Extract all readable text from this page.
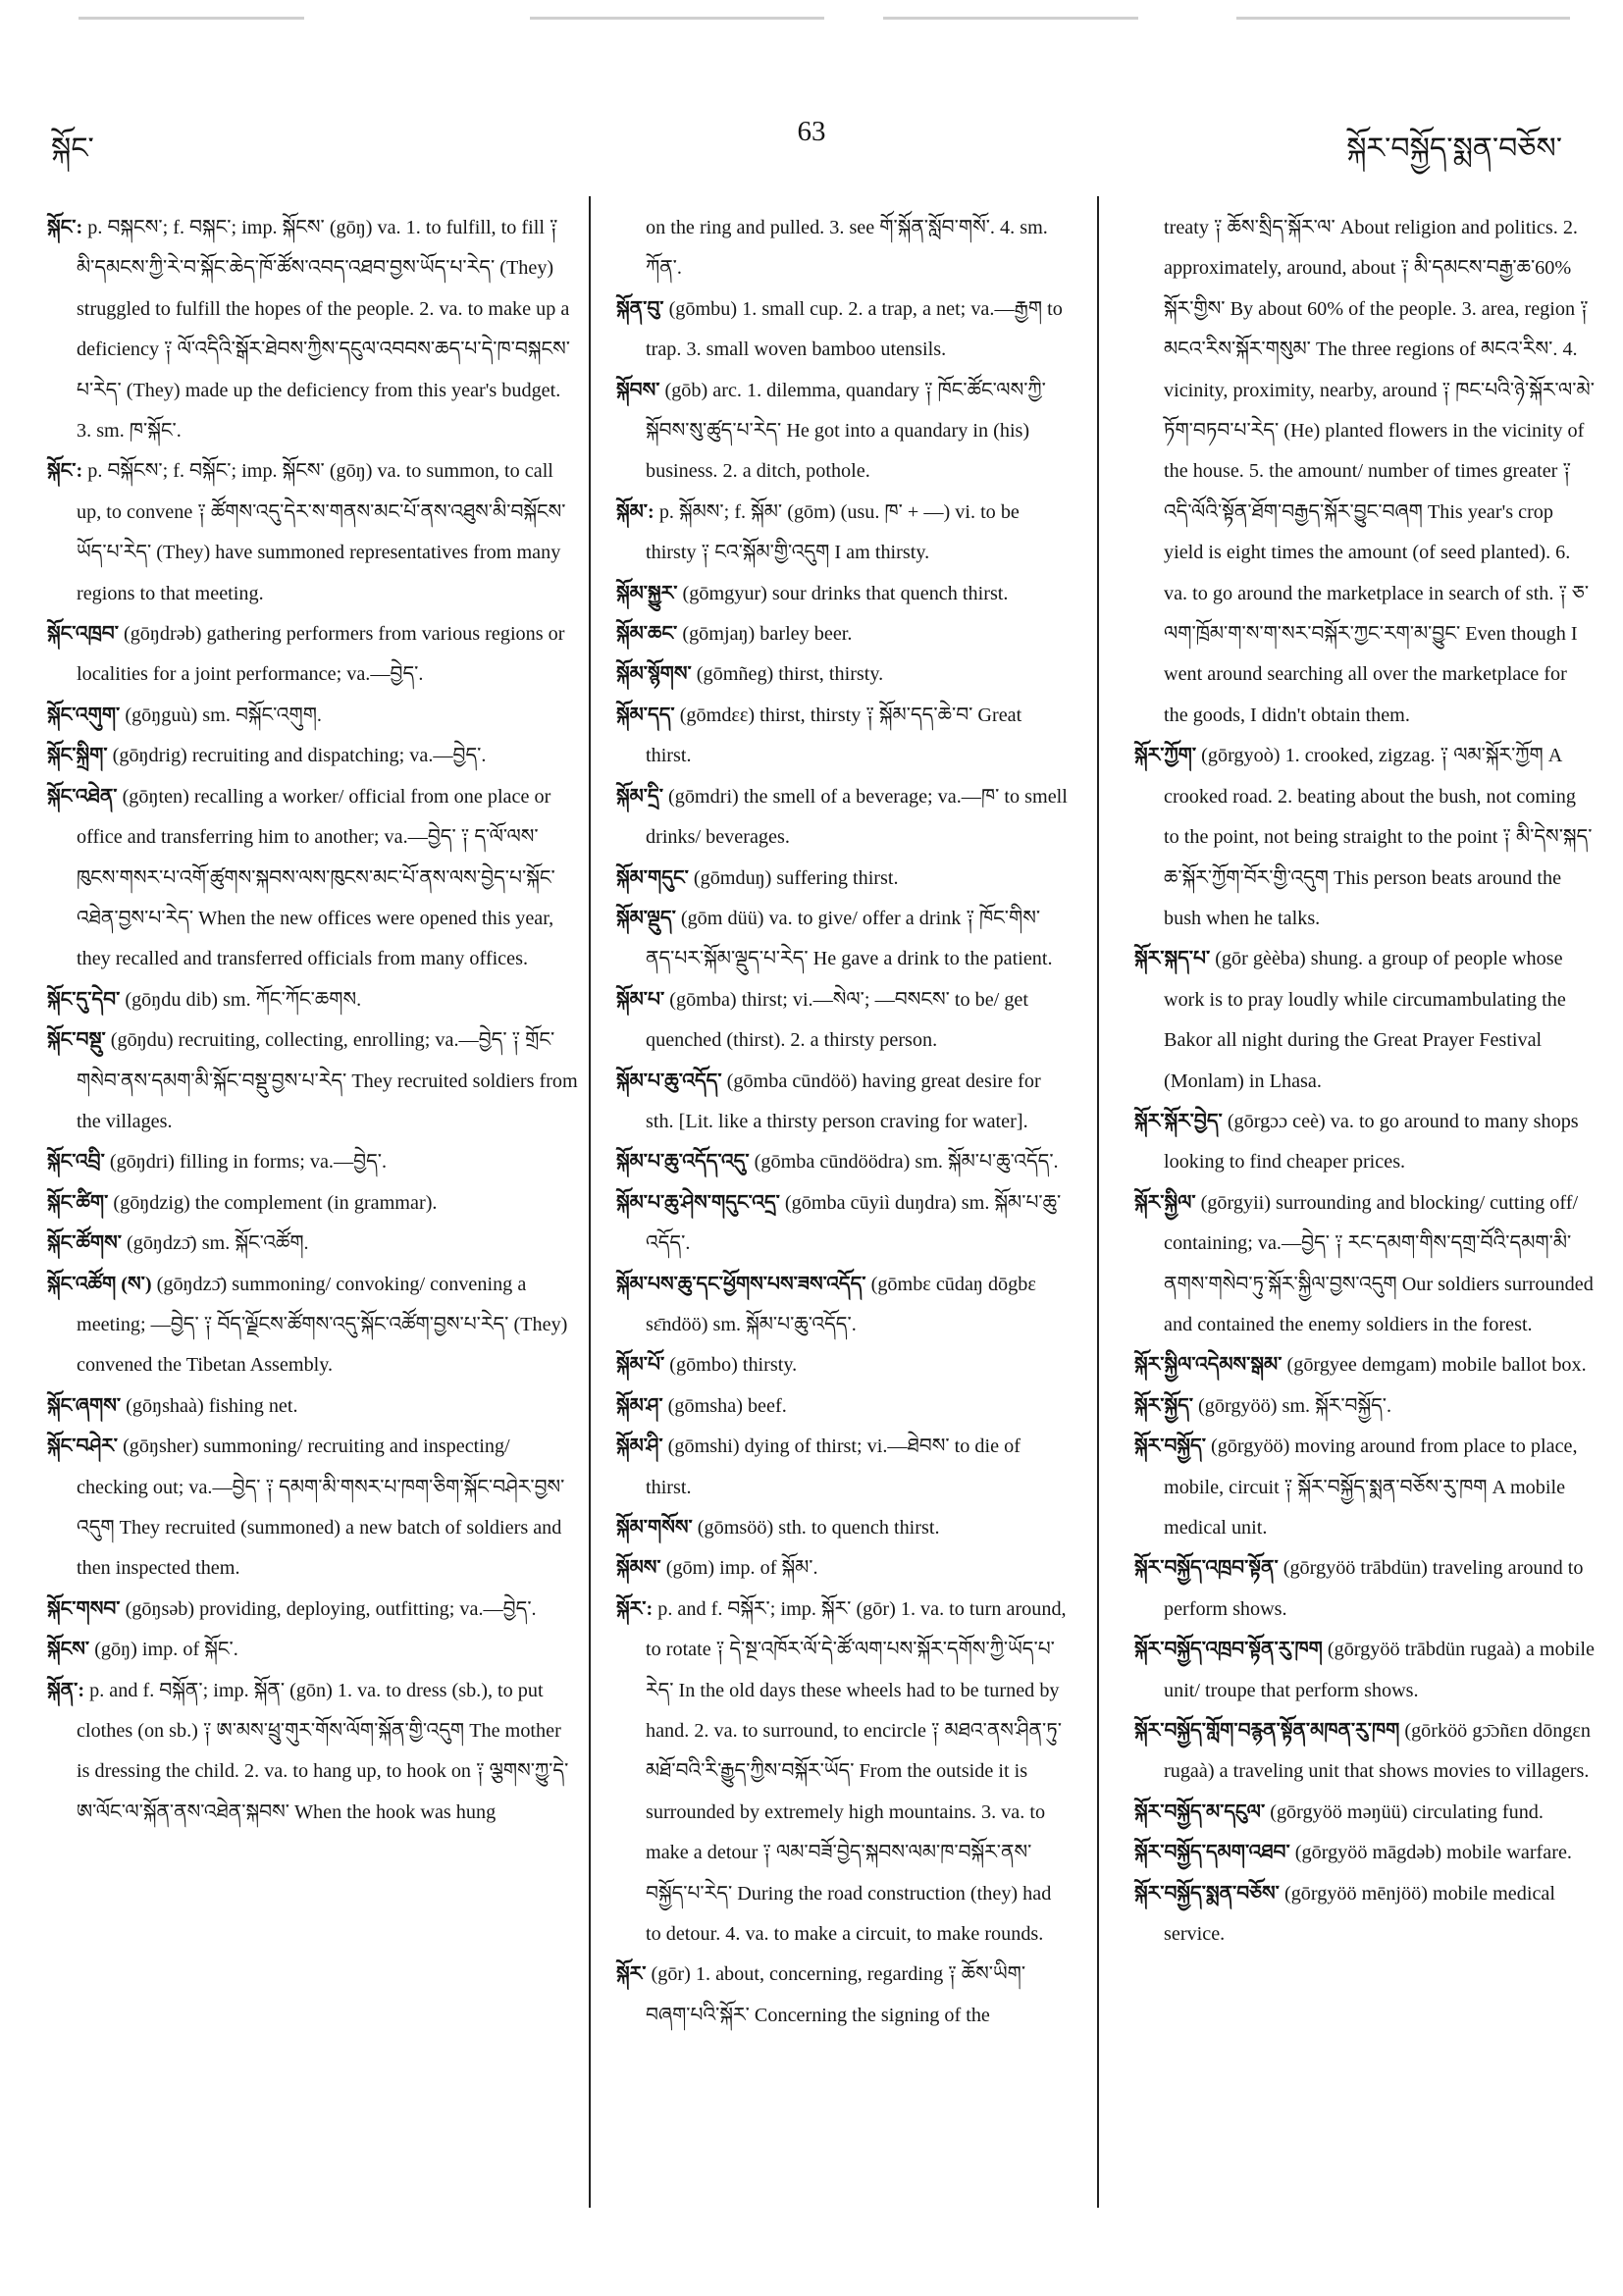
སྐོང་
63
སྐོར་བསྐྱོད་སྨན་བཅོས་

སྐོང་: p. བསྐངས་; f. བསྐང་; imp. སྐོངས་ (gōŋ) va. 1. to fulfill, to fill ༑ མི་དམངས་ཀྱི་རེ་བ་སྐོང་ཆེད་ཁོ་ཚོས་འབད་འཐབ་བྱས་ཡོད་པ་རེད་ (They) struggled to fulfill the hopes of the people. 2. va. to make up a deficiency ༑ ལོ་འདིའི་སྒོར་ཐེབས་ཀྱིས་དངུལ་འབབས་ཆད་པ་དེ་ཁ་བསྐངས་པ་རེད་ (They) made up the deficiency from this year's budget. 3. sm. ཁ་སྐོང་.

སྐོང་: p. བསྐོངས་; f. བསྐོང་; imp. སྐོངས་ (gōŋ) va. to summon, to call up, to convene ༑ ཚོགས་འདུ་དེར་ས་གནས་མང་པོ་ནས་འཐུས་མི་བསྐོངས་ཡོད་པ་རེད་ (They) have summoned representatives from many regions to that meeting.

སྐོང་འཁྲབ་ (gōŋdrəb) gathering performers from various regions or localities for a joint performance; va.—བྱེད་.

སྐོང་འགུག་ (gōŋguù) sm. བསྐོང་འགུག.

སྐོང་སྐྲིག་ (gōŋdrig) recruiting and dispatching; va.—བྱེད་.

སྐོང་འཐེན་ (gōŋten) recalling a worker/ official from one place or office and transferring him to another; va.—བྱེད་ ༑ ད་ལོ་ལས་ཁུངས་གསར་པ་འགོ་ཚུགས་སྐབས་ལས་ཁུངས་མང་པོ་ནས་ལས་བྱེད་པ་སྐོང་འཐེན་བྱས་པ་རེད་ When the new offices were opened this year, they recalled and transferred officials from many offices.

སྐོང་དུ་དེབ་ (gōŋdu dib) sm. ཀོང་ཀོང་ཆགས.

སྐོང་བསྡུ་ (gōŋdu) recruiting, collecting, enrolling; va.—བྱེད་ ༑ གྲོང་གསེབ་ནས་དམག་མི་སྐོང་བསྡུ་བྱས་པ་རེད་ They recruited soldiers from the villages.

སྐོང་འབྲི་ (gōŋdri) filling in forms; va.—བྱེད་.

སྐོང་ཚིག་ (gōŋdzig) the complement (in grammar).

སྐོང་ཚོགས་ (gōŋdzɔ̄) sm. སྐོང་འཚོག.

སྐོང་འཚོག (ས་) (gōŋdzɔ̄) summoning/ convoking/ convening a meeting; —བྱེད་ ༑ བོད་ལྗོངས་ཚོགས་འདུ་སྐོང་འཚོག་བྱས་པ་རེད་ (They) convened the Tibetan Assembly.

སྐོང་ཞགས་ (gōŋshaà) fishing net.

སྐོང་བཤེར་ (gōŋsher) summoning/ recruiting and inspecting/ checking out; va.—བྱེད་ ༑ དམག་མི་གསར་པ་ཁག་ཅིག་སྐོང་བཤེར་བྱས་འདུག They recruited (summoned) a new batch of soldiers and then inspected them.

སྐོང་གསབ་ (gōŋsəb) providing, deploying, outfitting; va.—བྱེད་.

སྐོངས་ (gōŋ) imp. of སྐོང་.

སྐོན་: p. and f. བསྐོན་; imp. སྐོན་ (gōn) 1. va. to dress (sb.), to put clothes (on sb.) ༑ ཨ་མས་ཕྲུ་གུར་གོས་ལོག་སྐོན་གྱི་འདུག The mother is dressing the child. 2. va. to hang up, to hook on ༑ ལྕགས་ཀྱུ་དེ་ཨ་ལོང་ལ་སྐོན་ནས་འཐེན་སྐབས་ When the hook was hung

on the ring and pulled. 3. see གོ་སྐོན་སློབ་གསོ་. 4. sm. ཀོན་.

སྐོན་བུ་ (gōmbu) 1. small cup. 2. a trap, a net; va.—རྒྱག to trap. 3. small woven bamboo utensils.

སྐོབས་ (gōb) arc. 1. dilemma, quandary ༑ ཁོང་ཚོང་ལས་ཀྱི་སྐོབས་སུ་ཚུད་པ་རེད་ He got into a quandary in (his) business. 2. a ditch, pothole.

སྐོམ་: p. སྐོམས་; f. སྐོམ་ (gōm) (usu. ཁ་ + —) vi. to be thirsty ༑ ངའ་སྐོམ་གྱི་འདུག I am thirsty.

སྐོམ་སྐྱུར་ (gōmgyur) sour drinks that quench thirst.

སྐོམ་ཆང་ (gōmjaŋ) barley beer.

སྐོམ་སྙོགས་ (gōmñeg) thirst, thirsty.

སྐོམ་དད་ (gōmdɛɛ) thirst, thirsty ༑ སྐོམ་དད་ཆེ་བ་ Great thirst.

སྐོམ་དྲི་ (gōmdri) the smell of a beverage; va.—ཁ་ to smell drinks/ beverages.

སྐོམ་གདུང་ (gōmduŋ) suffering thirst.

སྐོམ་ལྡུད་ (gōm düü) va. to give/ offer a drink ༑ ཁོང་གིས་ནད་པར་སྐོམ་ལྡུད་པ་རེད་ He gave a drink to the patient.

སྐོམ་པ་ (gōmba) thirst; vi.—སེལ་; —བསངས་ to be/ get quenched (thirst). 2. a thirsty person.

སྐོམ་པ་ཆུ་འདོད་ (gōmba cūndöö) having great desire for sth. [Lit. like a thirsty person craving for water].

སྐོམ་པ་ཆུ་འདོད་འདུ་ (gōmba cūndöödra) sm. སྐོམ་པ་ཆུ་འདོད་.

སྐོམ་པ་ཆུ་ཤེས་གདུང་འདྲ་ (gōmba cūyiì duŋdra) sm. སྐོམ་པ་ཆུ་འདོད་.

སྐོམ་པས་ཆུ་དང་ཕྱོགས་པས་ཟས་འདོད་ (gōmbɛ cūdaŋ dōgbɛ sɛ̄ndöö) sm. སྐོམ་པ་ཆུ་འདོད་.

སྐོམ་པོ་ (gōmbo) thirsty.

སྐོམ་ཤ་ (gōmsha) beef.

སྐོམ་ཤི་ (gōmshi) dying of thirst; vi.—ཐེབས་ to die of thirst.

སྐོམ་གསོས་ (gōmsöö) sth. to quench thirst.

སྐོམས་ (gōm) imp. of སྐོམ་.

སྐོར་: p. and f. བསྐོར་; imp. སྐོར་ (gōr) 1. va. to turn around, to rotate ༑ དེ་སྔ་འཁོར་ལོ་དེ་ཚོ་ལག་པས་སྐོར་དགོས་ཀྱི་ཡོད་པ་རེད་ In the old days these wheels had to be turned by hand. 2. va. to surround, to encircle ༑ མཐའ་ནས་ཤིན་ཏུ་མཐོ་བའི་རི་རྒྱུད་ཀྱིས་བསྐོར་ཡོད་ From the outside it is surrounded by extremely high mountains. 3. va. to make a detour ༑ ལམ་བཟོ་བྱེད་སྐབས་ལམ་ཁ་བསྐོར་ནས་བསྐྱོད་པ་རེད་ During the road construction (they) had to detour. 4. va. to make a circuit, to make rounds.

སྐོར་ (gōr) 1. about, concerning, regarding ༑ ཆོས་ཡིག་བཞག་པའི་སྐོར་ Concerning the signing of the

treaty ༑ ཆོས་སྲིད་སྐོར་ལ་ About religion and politics. 2. approximately, around, about ༑ མི་དམངས་བརྒྱ་ཆ་60% སྐོར་གྱིས་ By about 60% of the people. 3. area, region ༑ མངའ་རིས་སྐོར་གསུམ་ The three regions of མངའ་རིས་. 4. vicinity, proximity, nearby, around ༑ ཁང་པའི་ཉེ་སྐོར་ལ་མེ་ཏོག་བཏབ་པ་རེད་ (He) planted flowers in the vicinity of the house. 5. the amount/ number of times greater ༑ འདི་ལོའི་སྟོན་ཐོག་བརྒྱད་སྐོར་བྱུང་བཞག This year's crop yield is eight times the amount (of seed planted). 6. va. to go around the marketplace in search of sth. ༑ ཅ་ལག་ཁྲོམ་ག་ས་ག་སར་བསྐོར་ཀྱང་རག་མ་བྱུང་ Even though I went around searching all over the marketplace for the goods, I didn't obtain them.

སྐོར་ཀྱོག་ (gōrgyoò) 1. crooked, zigzag. ༑ ལམ་སྐོར་ཀྱོག A crooked road. 2. beating about the bush, not coming to the point, not being straight to the point ༑ མི་དེས་སྐད་ཆ་སྐོར་ཀྱོག་བོར་གྱི་འདུག This person beats around the bush when he talks.

སྐོར་སྐད་པ་ (gōr gèèba) shung. a group of people whose work is to pray loudly while circumambulating the Bakor all night during the Great Prayer Festival (Monlam) in Lhasa.

སྐོར་སྐོར་བྱེད་ (gōrgɔɔ ceè) va. to go around to many shops looking to find cheaper prices.

སྐོར་སྐྱིལ་ (gōrgyii) surrounding and blocking/ cutting off/ containing; va.—བྱེད་ ༑ རང་དམག་གིས་དགྲ་བོའི་དམག་མི་ནགས་གསེབ་ཏུ་སྐོར་སྐྱིལ་བྱས་འདུག Our soldiers surrounded and contained the enemy soldiers in the forest.

སྐོར་སྐྱིལ་འདེམས་སྒམ་ (gōrgyee demgam) mobile ballot box.

སྐོར་སྐྱོད་ (gōrgyöö) sm. སྐོར་བསྐྱོད་.

སྐོར་བསྐྱོད་ (gōrgyöö) moving around from place to place, mobile, circuit ༑ སྐོར་བསྐྱོད་སྨན་བཅོས་རུ་ཁག A mobile medical unit.

སྐོར་བསྐྱོད་འཁྲབ་སྟོན་ (gōrgyöö trābdün) traveling around to perform shows.

སྐོར་བསྐྱོད་འཁྲབ་སྟོན་རུ་ཁག (gōrgyöö trābdün rugaà) a mobile unit/ troupe that perform shows.

སྐོར་བསྐྱོད་གློག་བརྙན་སྟོན་མཁན་རུ་ཁག (gōrköö gɔ̄ɔñɛn dōngɛn rugaà) a traveling unit that shows movies to villagers.

སྐོར་བསྐྱོད་མ་དངུལ་ (gōrgyöö məŋüü) circulating fund.

སྐོར་བསྐྱོད་དམག་འཐབ་ (gōrgyöö māgdəb) mobile warfare.

སྐོར་བསྐྱོད་སྨན་བཅོས་ (gōrgyöö mēnjöö) mobile medical service.
